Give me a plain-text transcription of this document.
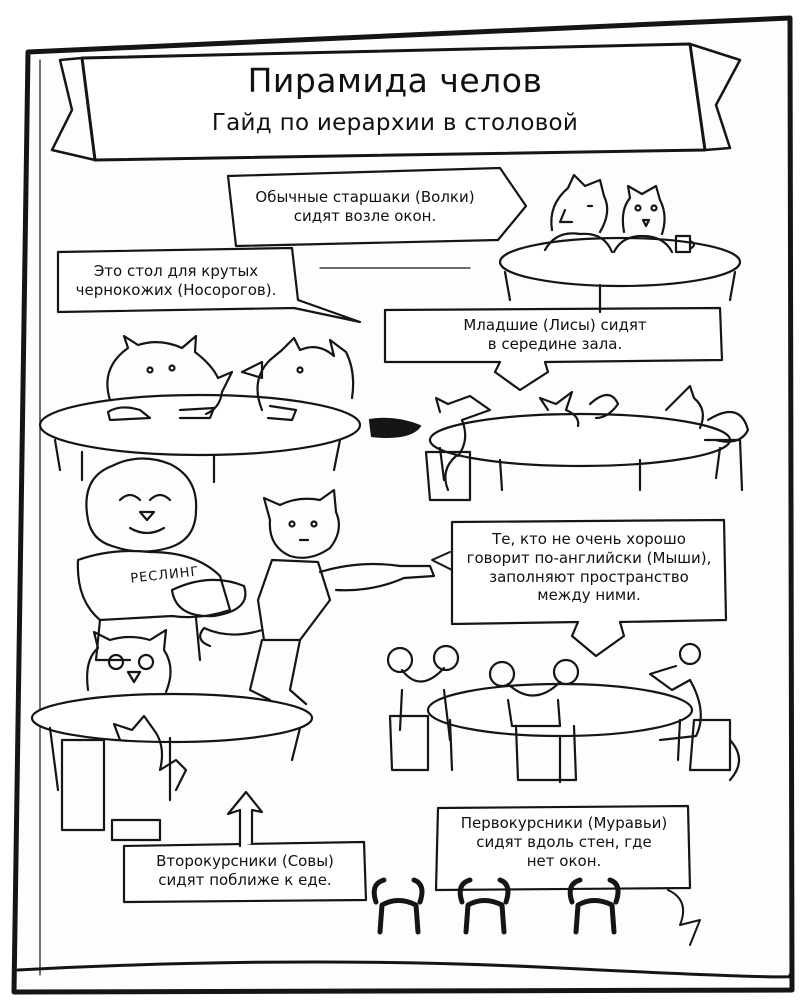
Пирамида челов
Гайд по иерархии в столовой
Обычные старшаки (Волки)
сидят возле окон.
Это стол для крутых
чернокожих (Носорогов).
Младшие (Лисы) сидят
в середине зала.
Те, кто не очень хорошо
говорит по-английски (Мыши),
заполняют пространство
между ними.
Второкурсники (Совы)
сидят поближе к еде.
Первокурсники (Муравьи)
сидят вдоль стен, где
нет окон.
РЕСЛИНГ
